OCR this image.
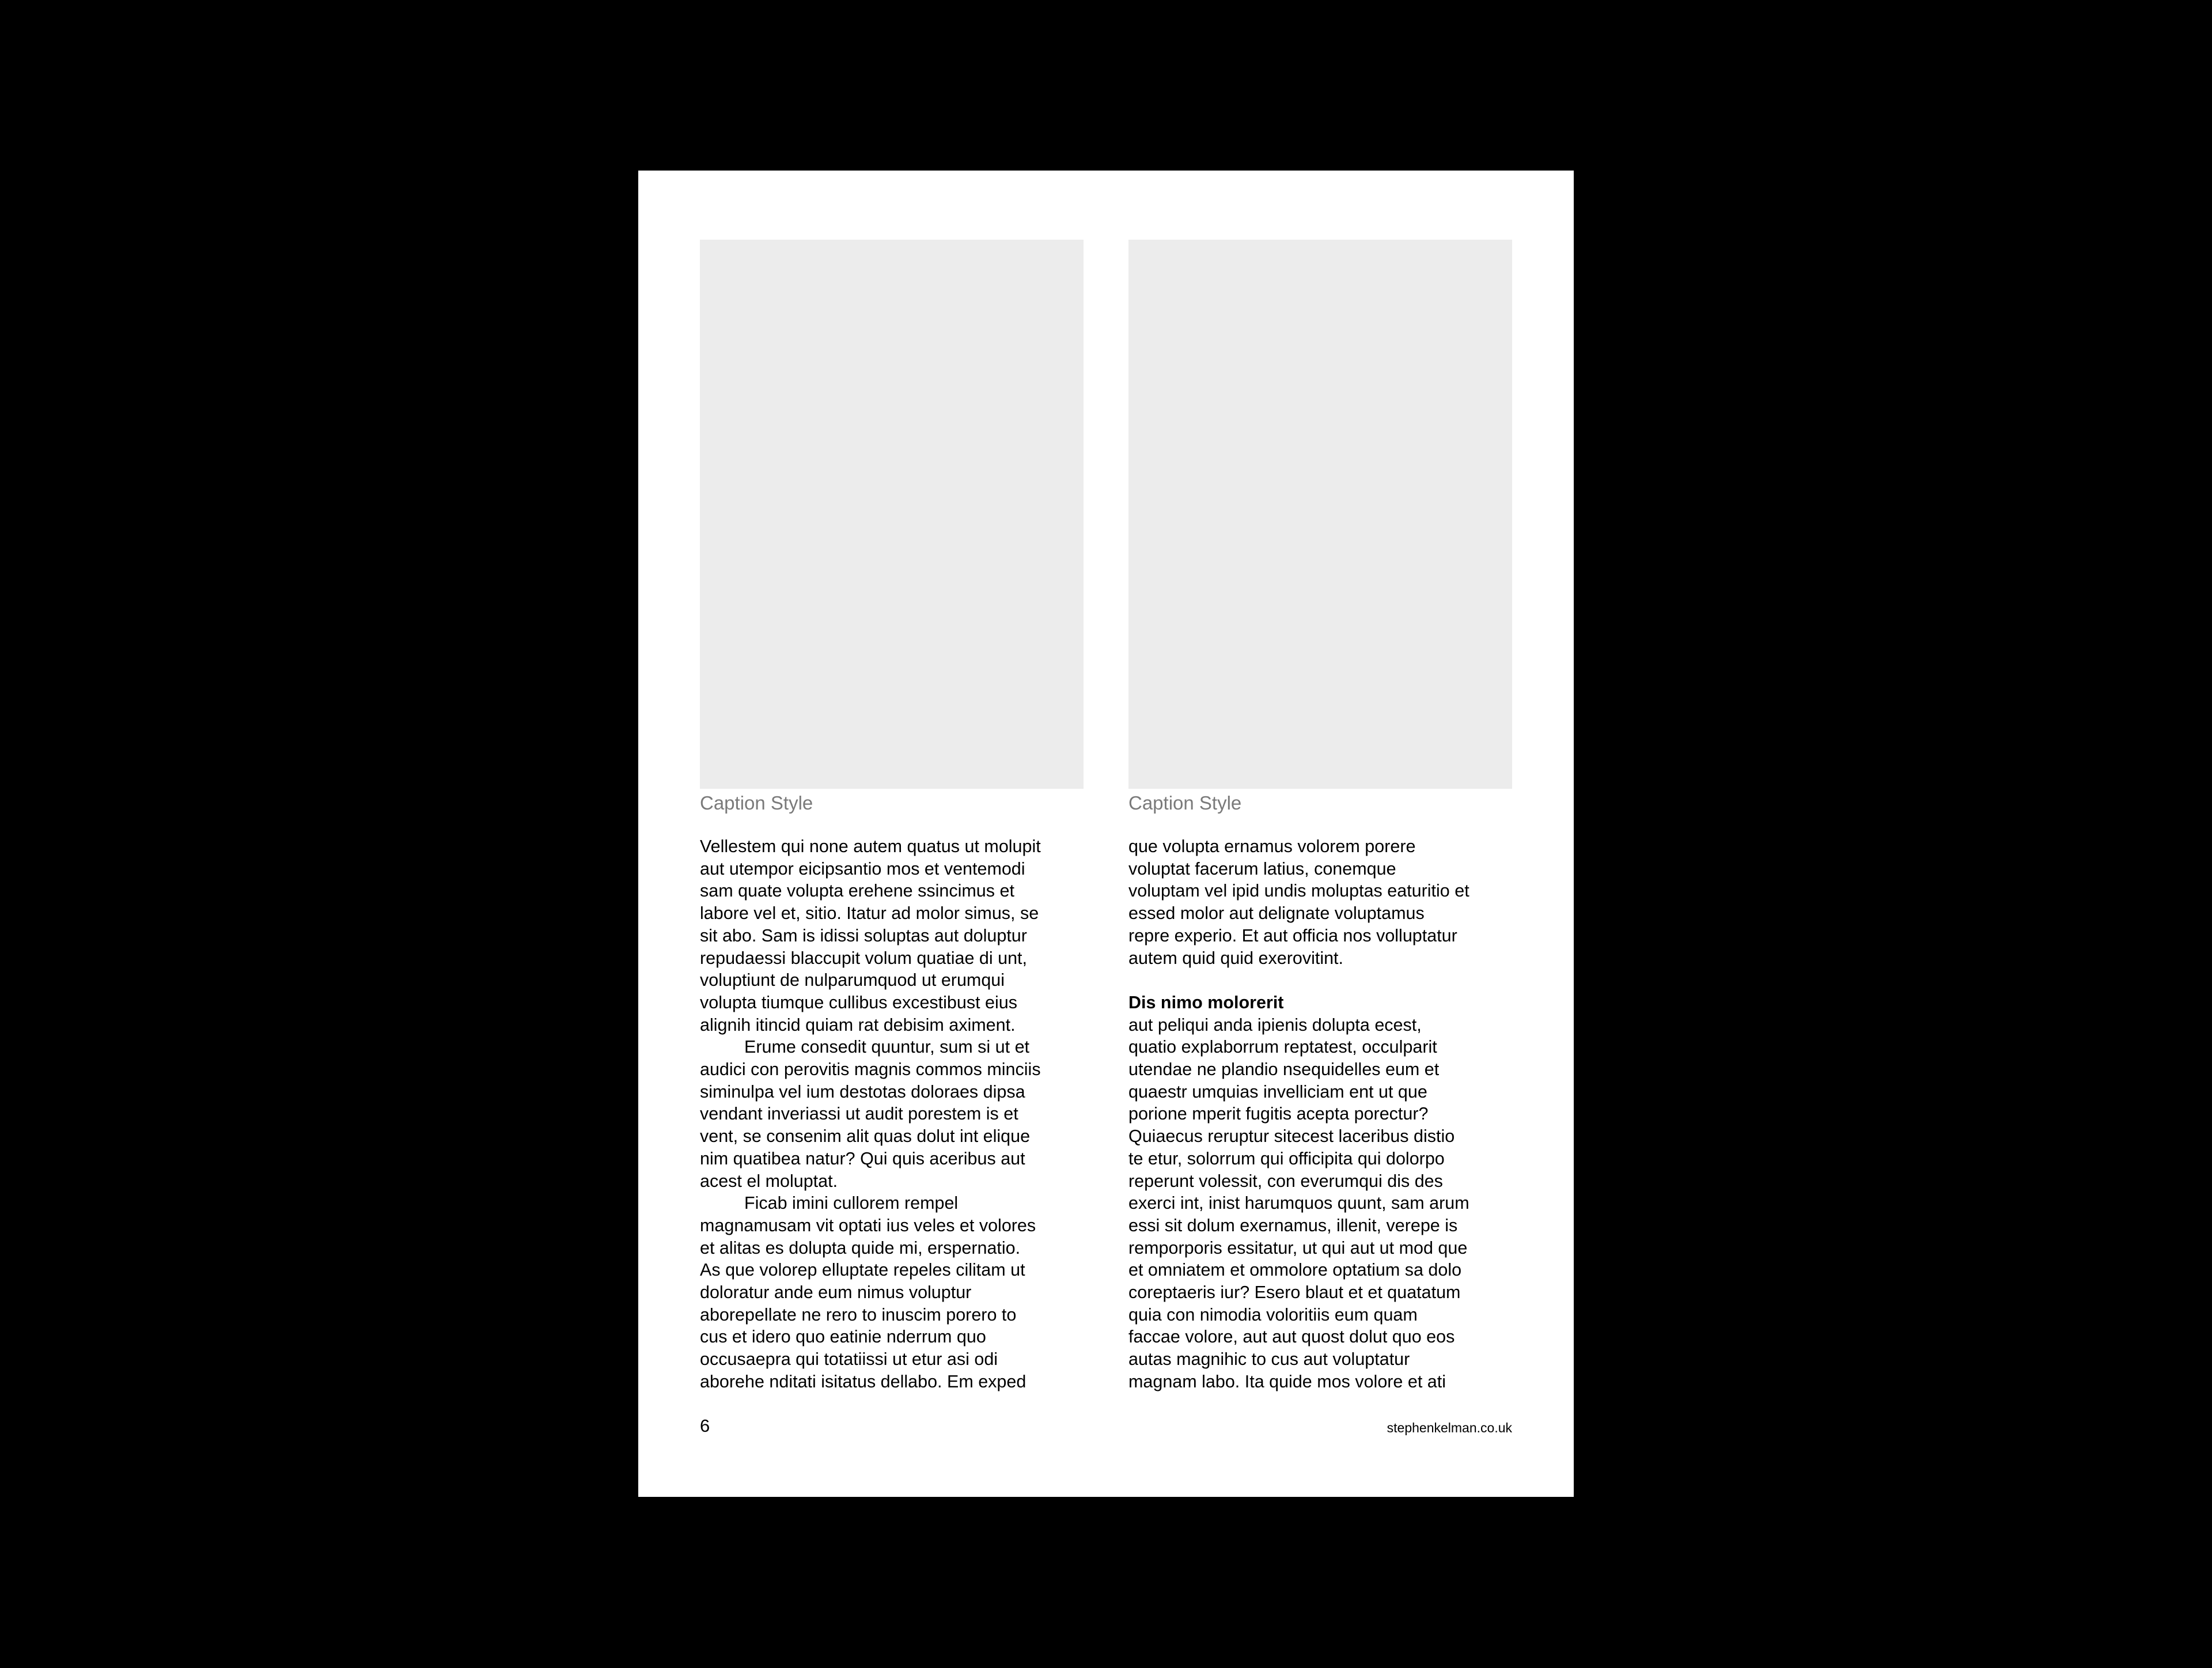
Caption Style	Caption Style

Vellestem qui none autem quatus ut molupit
aut utempor eicipsantio mos et ventemodi
sam quate volupta erehene ssincimus et
labore vel et, sitio. Itatur ad molor simus, se
sit abo. Sam is idissi soluptas aut doluptur
repudaessi blaccupit volum quatiae di unt,
voluptiunt de nulparumquod ut erumqui
volupta tiumque cullibus excestibust eius
alignih itincid quiam rat debisim aximent.

Erume consedit quuntur, sum si ut et
audici con perovitis magnis commos minciis
siminulpa vel ium destotas doloraes dipsa
vendant inveriassi ut audit porestem is et
vent, se consenim alit quas dolut int elique
nim quatibea natur? Qui quis aceribus aut
acest el moluptat.

Ficab imini cullorem rempel
magnamusam vit optati ius veles et volores
et alitas es dolupta quide mi, erspernatio.
As que volorep elluptate repeles cilitam ut
doloratur ande eum nimus voluptur
aborepellate ne rero to inuscim porero to
cus et idero quo eatinie nderrum quo
occusaepra qui totatiissi ut etur asi odi
aborehe nditati isitatus dellabo. Em exped

que volupta ernamus volorem porere
voluptat facerum latius, conemque
voluptam vel ipid undis moluptas eaturitio et
essed molor aut delignate voluptamus
repre experio. Et aut officia nos volluptatur
autem quid quid exerovitint.

Dis nimo molorerit

aut peliqui anda ipienis dolupta ecest,
quatio explaborrum reptatest, occulparit
utendae ne plandio nsequidelles eum et
quaestr umquias invelliciam ent ut que
porione mperit fugitis acepta porectur?
Quiaecus reruptur sitecest laceribus distio
te etur, solorrum qui officipita qui dolorpo
reperunt volessit, con everumqui dis des
exerci int, inist harumquos quunt, sam arum
essi sit dolum exernamus, illenit, verepe is
remporporis essitatur, ut qui aut ut mod que
et omniatem et ommolore optatium sa dolo
coreptaeris iur? Esero blaut et et quatatum
quia con nimodia voloritiis eum quam
faccae volore, aut aut quost dolut quo eos
autas magnihic to cus aut voluptatur
magnam labo. Ita quide mos volore et ati

6	stephenkelman.co.uk
